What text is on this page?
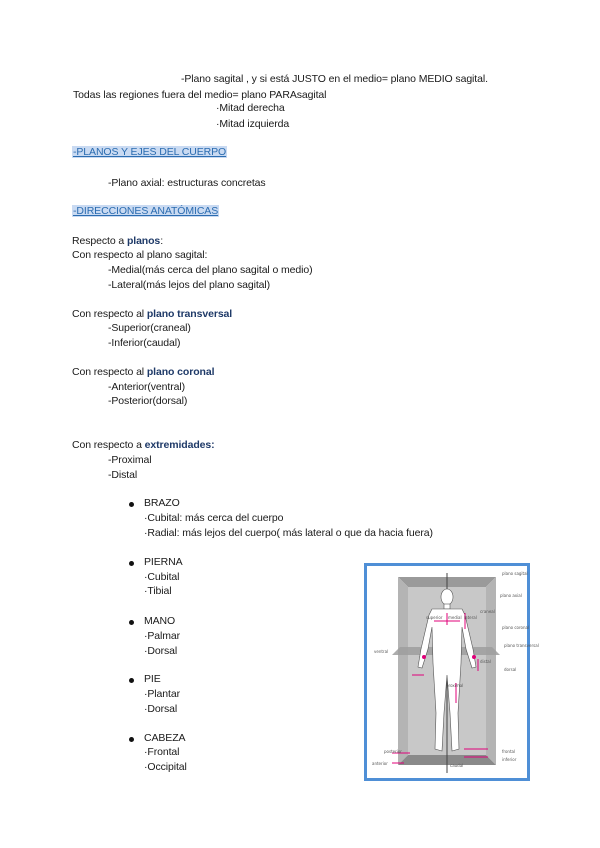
-Plano sagital , y si está JUSTO en el medio= plano MEDIO sagital.
Todas las regiones fuera del medio= plano PARAsagital
·Mitad derecha
·Mitad izquierda
-PLANOS Y EJES DEL CUERPO
-Plano axial: estructuras concretas
-DIRECCIONES ANATÓMICAS
Respecto a planos:
Con respecto al plano sagital:
-Medial(más cerca del plano sagital o medio)
-Lateral(más lejos del plano sagital)
Con respecto al plano transversal
-Superior(craneal)
-Inferior(caudal)
Con respecto al plano coronal
-Anterior(ventral)
-Posterior(dorsal)
Con respecto a extremidades:
-Proximal
-Distal
BRAZO
·Cubital: más cerca del cuerpo
·Radial: más lejos del cuerpo( más lateral o que da hacia fuera)
PIERNA
·Cubital
·Tibial
MANO
·Palmar
·Dorsal
PIE
·Plantar
·Dorsal
CABEZA
·Frontal
·Occipital
plano sagital
plano axial
plano coronal
superior medial lateral
craneal
distal
ventral
dorsal
proximal
caudal
plano transversal
posterior
anterior
frontal
inferior
